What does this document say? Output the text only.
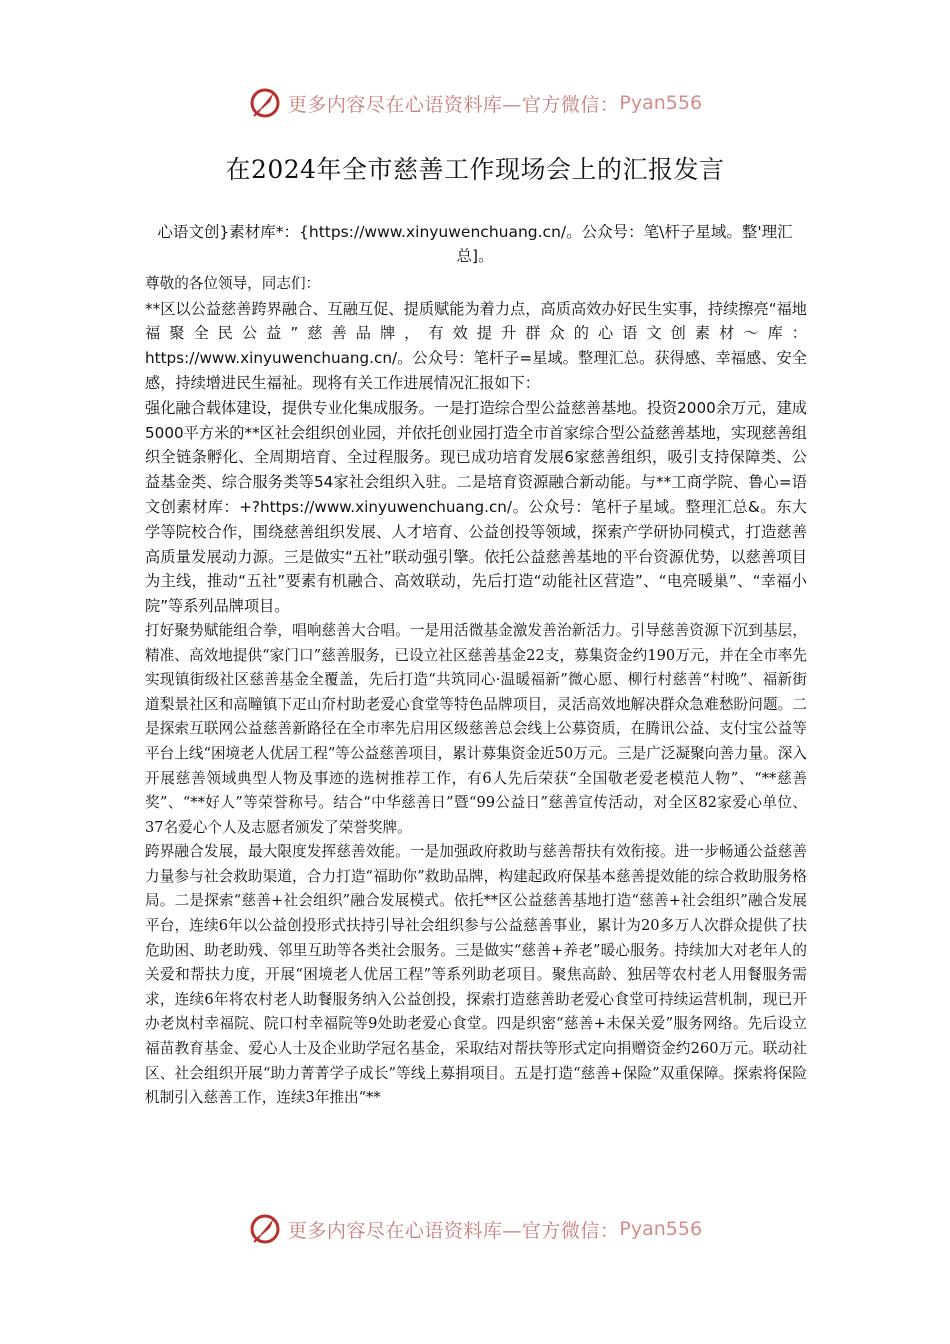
更多内容尽在心语资料库—官方微信： Pyan556
在2024年全市慈善工作现场会上的汇报发言
心语文创}素材库*：{https://www.xinyuwenchuang.cn/。公众号：笔\杆子星域。整'理汇总]。

尊敬的各位领导，同志们：

**区以公益慈善跨界融合、互融互促、提质赋能为着力点，高质高效办好民生实事，持续擦亮“福地福聚全民公益”慈善品牌，有效提升群众的心语文创素材～库：https://www.xinyuwenchuang.cn/。公众号：笔杆子=星域。整理汇总。获得感、幸福感、安全感，持续增进民生福祉。现将有关工作进展情况汇报如下：

强化融合载体建设，提供专业化集成服务。一是打造综合型公益慈善基地。投资2000余万元，建成5000平方米的**区社会组织创业园，并依托创业园打造全市首家综合型公益慈善基地，实现慈善组织全链条孵化、全周期培育、全过程服务。现已成功培育发展6家慈善组织，吸引支持保障类、公益基金类、综合服务类等54家社会组织入驻。二是培育资源融合新动能。与**工商学院、鲁心=语文创素材库：+?https://www.xinyuwenchuang.cn/。公众号：笔杆子星域。整理汇总&。东大学等院校合作，围绕慈善组织发展、人才培育、公益创投等领域，探索产学研协同模式，打造慈善高质量发展动力源。三是做实“五社”联动强引擎。依托公益慈善基地的平台资源优势，以慈善项目为主线，推动“五社”要素有机融合、高效联动，先后打造“动能社区营造”、“电亮暖巢”、“幸福小院”等系列品牌项目。

打好聚势赋能组合拳，唱响慈善大合唱。一是用活微基金激发善治新活力。引导慈善资源下沉到基层，精准、高效地提供“家门口”慈善服务，已设立社区慈善基金22支，募集资金约190万元，并在全市率先实现镇街级社区慈善基金全覆盖，先后打造“共筑同心·温暖福新”微心愿、柳行村慈善“村晚”、福新街道梨景社区和高疃镇下疋山夼村助老爱心食堂等特色品牌项目，灵活高效地解决群众急难愁盼问题。二是探索互联网公益慈善新路径在全市率先启用区级慈善总会线上公募资质，在腾讯公益、支付宝公益等平台上线“困境老人优居工程”等公益慈善项目，累计募集资金近50万元。三是广泛凝聚向善力量。深入开展慈善领域典型人物及事迹的选树推荐工作，有6人先后荣获“全国敬老爱老模范人物”、“**慈善奖”、“**好人”等荣誉称号。结合“中华慈善日”暨“99公益日”慈善宣传活动，对全区82家爱心单位、37名爱心个人及志愿者颁发了荣誉奖牌。

跨界融合发展，最大限度发挥慈善效能。一是加强政府救助与慈善帮扶有效衔接。进一步畅通公益慈善力量参与社会救助渠道，合力打造“福助你”救助品牌，构建起政府保基本慈善提效能的综合救助服务格局。二是探索“慈善+社会组织”融合发展模式。依托**区公益慈善基地打造“慈善+社会组织”融合发展平台，连续6年以公益创投形式扶持引导社会组织参与公益慈善事业，累计为20多万人次群众提供了扶危助困、助老助残、邻里互助等各类社会服务。三是做实“慈善+养老”暖心服务。持续加大对老年人的关爱和帮扶力度，开展“困境老人优居工程”等系列助老项目。聚焦高龄、独居等农村老人用餐服务需求，连续6年将农村老人助餐服务纳入公益创投，探索打造慈善助老爱心食堂可持续运营机制，现已开办老岚村幸福院、院口村幸福院等9处助老爱心食堂。四是织密“慈善+未保关爱”服务网络。先后设立福苗教育基金、爱心人士及企业助学冠名基金，采取结对帮扶等形式定向捐赠资金约260万元。联动社区、社会组织开展“助力菁菁学子成长”等线上募捐项目。五是打造“慈善+保险”双重保障。探索将保险机制引入慈善工作，连续3年推出“**

更多内容尽在心语资料库—官方微信： Pyan556
